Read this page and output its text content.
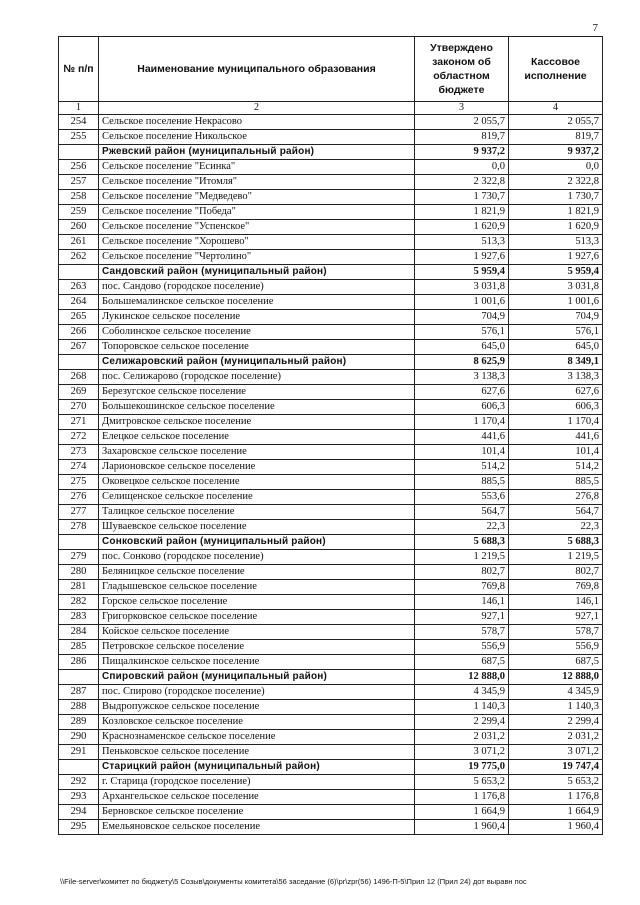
7
№ п/п	Наименование муниципального образования	Утверждено законом об областном бюджете	Кассовое исполнение
1	2	3	4
254	Сельское поселение Некрасово	2 055,7	2 055,7
255	Сельское поселение Никольское	819,7	819,7
	Ржевский район (муниципальный район)	9 937,2	9 937,2
256	Сельское поселение "Есинка"	0,0	0,0
257	Сельское поселение "Итомля"	2 322,8	2 322,8
258	Сельское поселение "Медведево"	1 730,7	1 730,7
259	Сельское поселение "Победа"	1 821,9	1 821,9
260	Сельское поселение "Успенское"	1 620,9	1 620,9
261	Сельское поселение "Хорошево"	513,3	513,3
262	Сельское поселение "Чертолино"	1 927,6	1 927,6
	Сандовский район (муниципальный район)	5 959,4	5 959,4
263	пос. Сандово (городское поселение)	3 031,8	3 031,8
264	Большемалинское сельское поселение	1 001,6	1 001,6
265	Лукинское сельское поселение	704,9	704,9
266	Соболинское сельское поселение	576,1	576,1
267	Топоровское сельское поселение	645,0	645,0
	Селижаровский район (муниципальный район)	8 625,9	8 349,1
268	пос. Селижарово (городское поселение)	3 138,3	3 138,3
269	Березугское сельское поселение	627,6	627,6
270	Большекошинское сельское поселение	606,3	606,3
271	Дмитровское сельское поселение	1 170,4	1 170,4
272	Елецкое сельское поселение	441,6	441,6
273	Захаровское сельское поселение	101,4	101,4
274	Ларионовское сельское поселение	514,2	514,2
275	Оковецкое сельское поселение	885,5	885,5
276	Селищенское сельское поселение	553,6	276,8
277	Талицкое сельское поселение	564,7	564,7
278	Шуваевское сельское поселение	22,3	22,3
	Сонковский район (муниципальный район)	5 688,3	5 688,3
279	пос. Сонково (городское поселение)	1 219,5	1 219,5
280	Беляницкое сельское поселение	802,7	802,7
281	Гладышевское сельское поселение	769,8	769,8
282	Горское сельское поселение	146,1	146,1
283	Григорковское сельское поселение	927,1	927,1
284	Койское сельское поселение	578,7	578,7
285	Петровское сельское поселение	556,9	556,9
286	Пищалкинское сельское поселение	687,5	687,5
	Спировский район (муниципальный район)	12 888,0	12 888,0
287	пос. Спирово (городское поселение)	4 345,9	4 345,9
288	Выдропужское сельское поселение	1 140,3	1 140,3
289	Козловское сельское поселение	2 299,4	2 299,4
290	Краснознаменское сельское поселение	2 031,2	2 031,2
291	Пеньковское сельское поселение	3 071,2	3 071,2
	Старицкий район (муниципальный район)	19 775,0	19 747,4
292	г. Старица (городское поселение)	5 653,2	5 653,2
293	Архангельское сельское поселение	1 176,8	1 176,8
294	Берновское сельское поселение	1 664,9	1 664,9
295	Емельяновское сельское поселение	1 960,4	1 960,4
\\File-server\комитет по бюджету\5 Созыв\документы комитета\56 заседание (6)\pr\zpr(56) 1496-П-5\Прил 12 (Прил 24) дот выравн пос
